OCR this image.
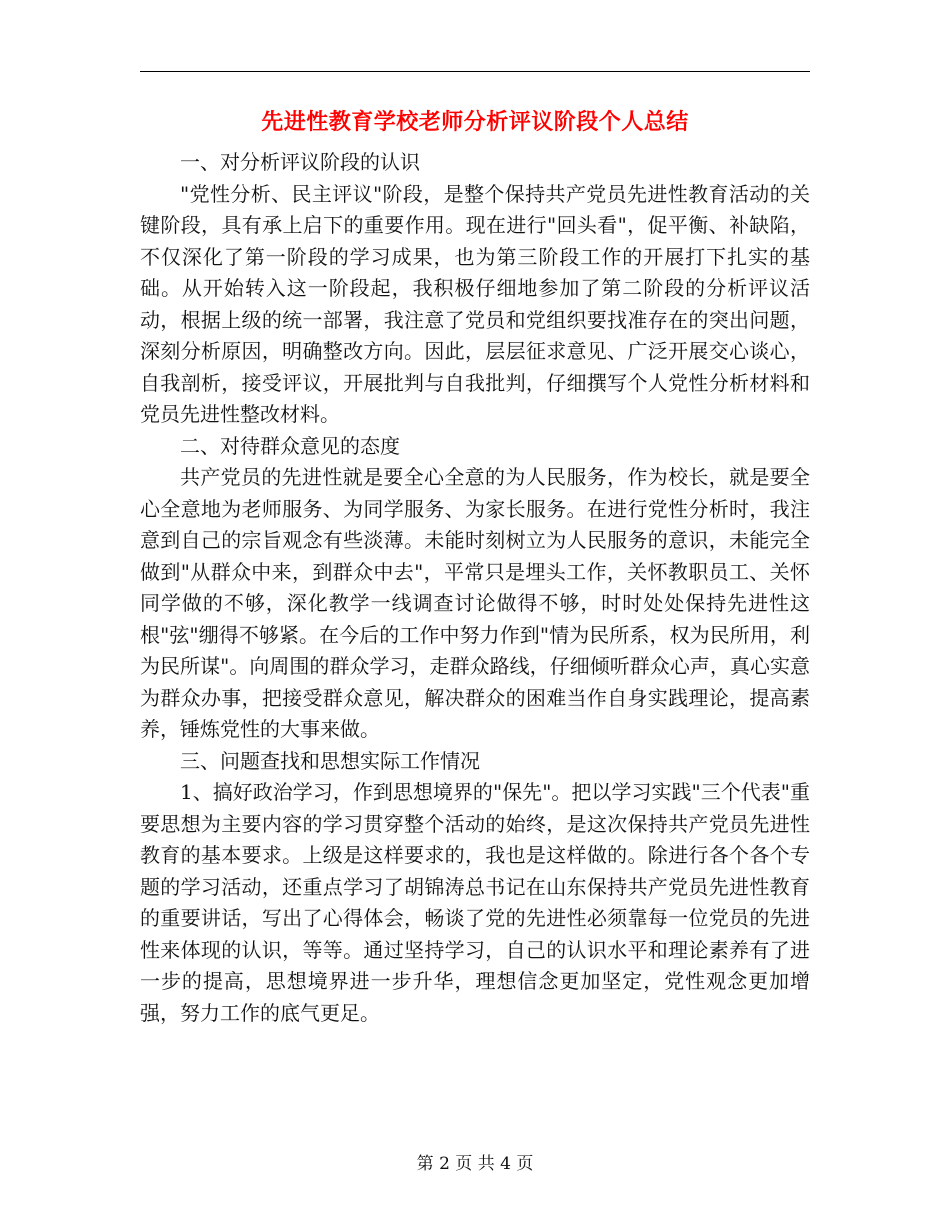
先进性教育学校老师分析评议阶段个人总结

一、对分析评议阶段的认识

"党性分析、民主评议"阶段，是整个保持共产党员先进性教育活动的关键阶段，具有承上启下的重要作用。现在进行"回头看"，促平衡、补缺陷，不仅深化了第一阶段的学习成果，也为第三阶段工作的开展打下扎实的基础。从开始转入这一阶段起，我积极仔细地参加了第二阶段的分析评议活动，根据上级的统一部署，我注意了党员和党组织要找准存在的突出问题，深刻分析原因，明确整改方向。因此，层层征求意见、广泛开展交心谈心，自我剖析，接受评议，开展批判与自我批判，仔细撰写个人党性分析材料和党员先进性整改材料。

二、对待群众意见的态度

共产党员的先进性就是要全心全意的为人民服务，作为校长，就是要全心全意地为老师服务、为同学服务、为家长服务。在进行党性分析时，我注意到自己的宗旨观念有些淡薄。未能时刻树立为人民服务的意识，未能完全做到"从群众中来，到群众中去"，平常只是埋头工作，关怀教职员工、关怀同学做的不够，深化教学一线调查讨论做得不够，时时处处保持先进性这根"弦"绷得不够紧。在今后的工作中努力作到"情为民所系，权为民所用，利为民所谋"。向周围的群众学习，走群众路线，仔细倾听群众心声，真心实意为群众办事，把接受群众意见，解决群众的困难当作自身实践理论，提高素养，锤炼党性的大事来做。

三、问题查找和思想实际工作情况

1、搞好政治学习，作到思想境界的"保先"。把以学习实践"三个代表"重要思想为主要内容的学习贯穿整个活动的始终，是这次保持共产党员先进性教育的基本要求。上级是这样要求的，我也是这样做的。除进行各个各个专题的学习活动，还重点学习了胡锦涛总书记在山东保持共产党员先进性教育的重要讲话，写出了心得体会，畅谈了党的先进性必须靠每一位党员的先进性来体现的认识，等等。通过坚持学习，自己的认识水平和理论素养有了进一步的提高，思想境界进一步升华，理想信念更加坚定，党性观念更加增强，努力工作的底气更足。

第 2 页 共 4 页
